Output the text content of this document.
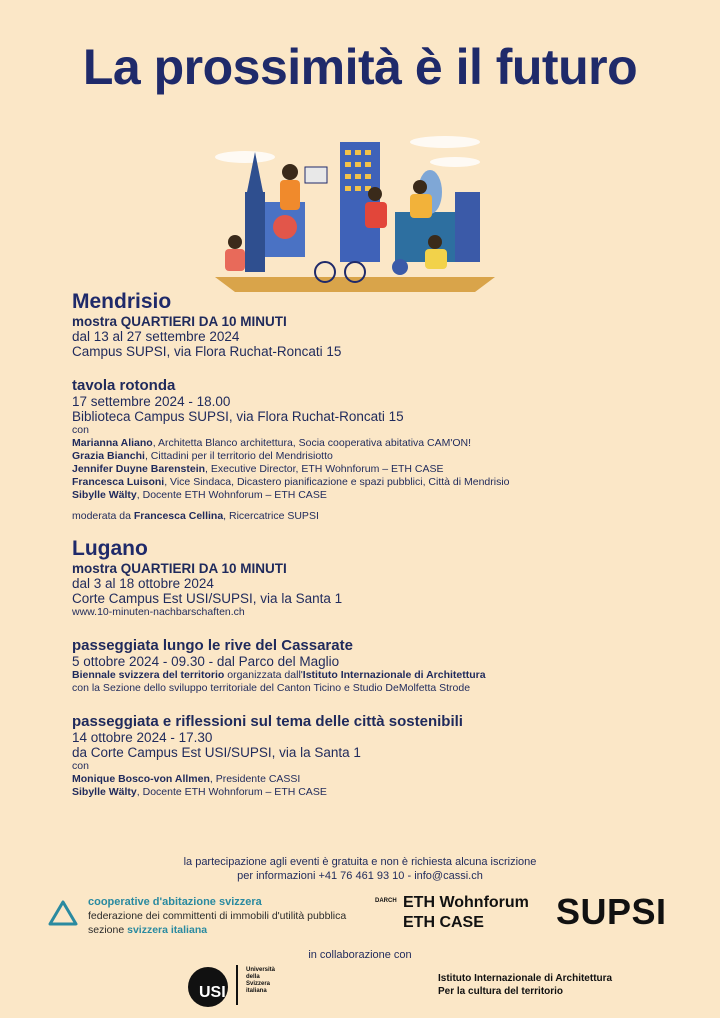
La prossimità è il futuro
Mendrisio
mostra QUARTIERI DA 10 MINUTI
dal 13 al 27 settembre 2024
Campus SUPSI, via Flora Ruchat-Roncati 15
tavola rotonda
17 settembre 2024 - 18.00
Biblioteca Campus SUPSI, via Flora Ruchat-Roncati 15
con
Marianna Aliano, Architetta Blanco architettura, Socia cooperativa abitativa CAM'ON!
Grazia Bianchi, Cittadini per il territorio del Mendrisiotto
Jennifer Duyne Barenstein, Executive Director, ETH Wohnforum – ETH CASE
Francesca Luisoni, Vice Sindaca, Dicastero pianificazione e spazi pubblici, Città di Mendrisio
Sibylle Wälty, Docente ETH Wohnforum – ETH CASE
moderata da Francesca Cellina, Ricercatrice SUPSI
Lugano
mostra QUARTIERI DA 10 MINUTI
dal 3 al 18 ottobre 2024
Corte Campus Est USI/SUPSI, via la Santa 1
www.10-minuten-nachbarschaften.ch
passeggiata lungo le rive del Cassarate
5 ottobre 2024 - 09.30 - dal Parco del Maglio
Biennale svizzera del territorio organizzata dall'Istituto Internazionale di Architettura
con la Sezione dello sviluppo territoriale del Canton Ticino e Studio DeMolfetta Strode
passeggiata e riflessioni sul tema delle città sostenibili
14 ottobre 2024 - 17.30
da Corte Campus Est USI/SUPSI, via la Santa 1
con
Monique Bosco-von Allmen, Presidente CASSI
Sibylle Wälty, Docente ETH Wohnforum – ETH CASE
la partecipazione agli eventi è gratuita e non è richiesta alcuna iscrizione
per informazioni +41 76 461 93 10 - info@cassi.ch
cooperative d'abitazione svizzera
federazione dei committenti di immobili d'utilità pubblica
sezione svizzera italiana
DARCH ETH Wohnforum
ETH CASE SUPSI
in collaborazione con
USI
Università
della
Svizzera
italiana
Istituto Internazionale di Architettura
Per la cultura del territorio
